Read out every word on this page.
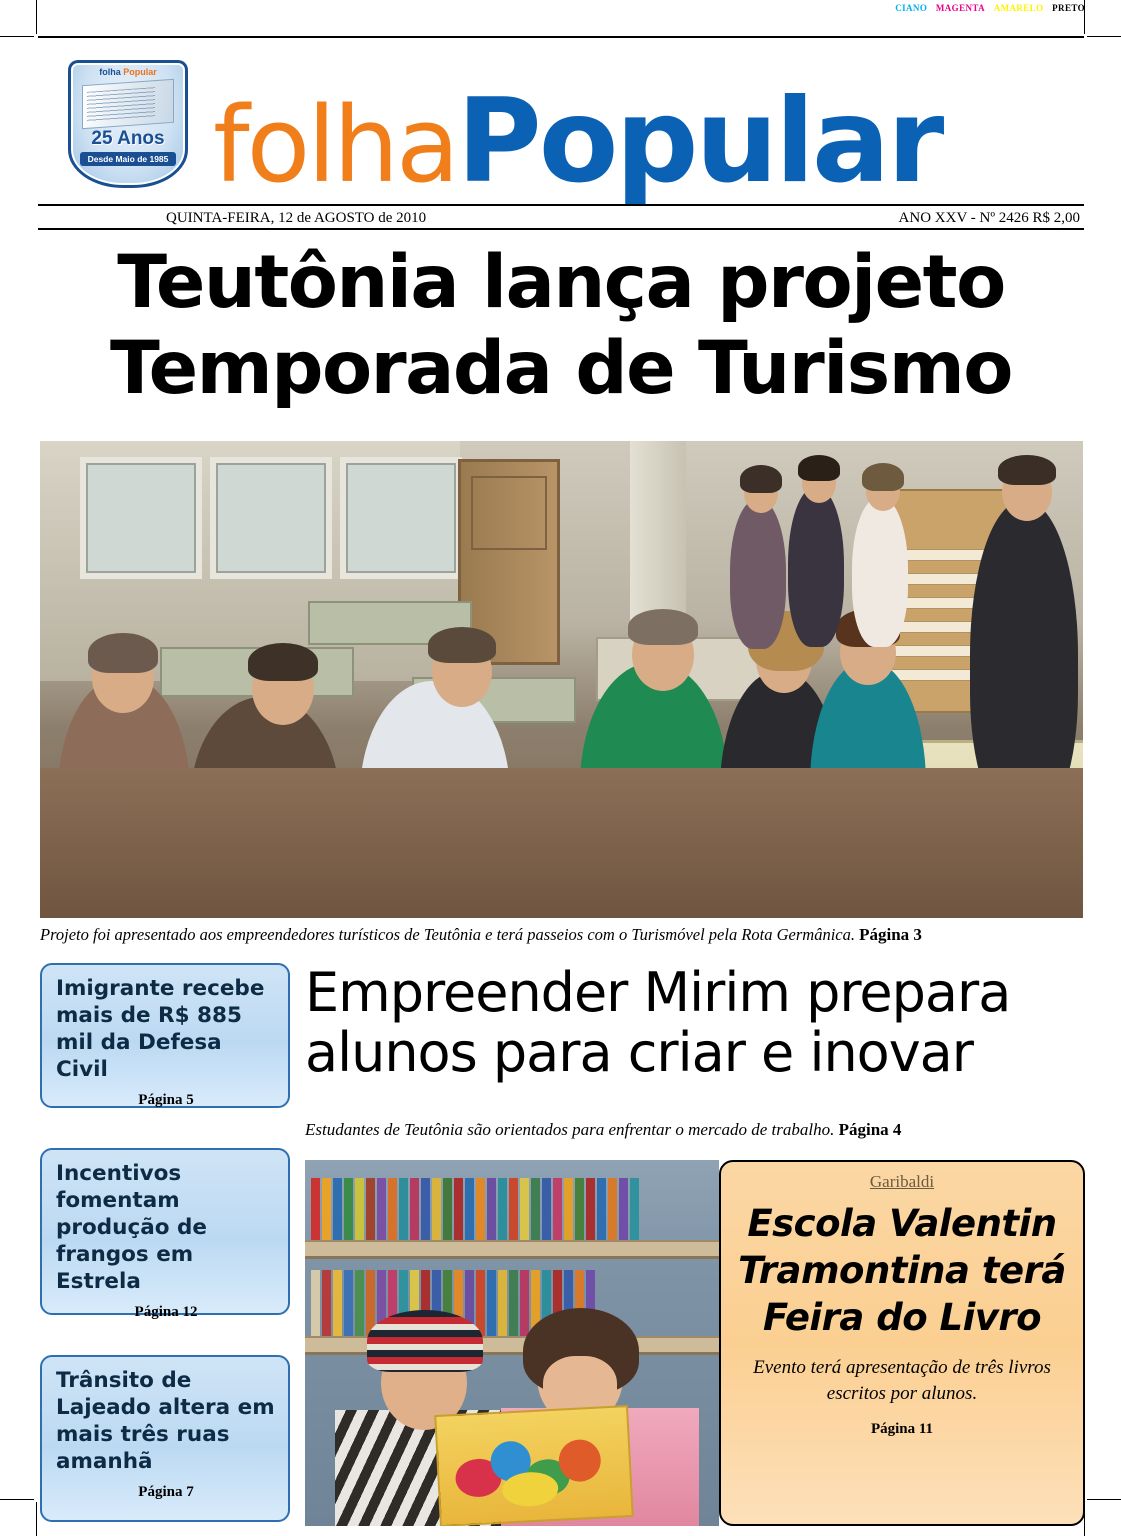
CIANO MAGENTA AMARELO PRETO
folha Popular
25 Anos
Desde Maio de 1985 folhaPopular
QUINTA-FEIRA, 12 de AGOSTO de 2010	ANO XXV - Nº 2426 R$ 2,00
Teutônia lança projeto
Temporada de Turismo
Projeto foi apresentado aos empreendedores turísticos de Teutônia e terá passeios com o Turismóvel pela Rota Germânica. Página 3
Imigrante recebe mais de R$ 885 mil da Defesa Civil
Página 5
Incentivos fomentam produção de frangos em Estrela
Página 12
Trânsito de Lajeado altera em mais três ruas amanhã
Página 7
Empreender Mirim prepara
alunos para criar e inovar
Estudantes de Teutônia são orientados para enfrentar o mercado de trabalho. Página 4
Garibaldi
Escola Valentin
Tramontina terá
Feira do Livro
Evento terá apresentação de três livros escritos por alunos.
Página 11
